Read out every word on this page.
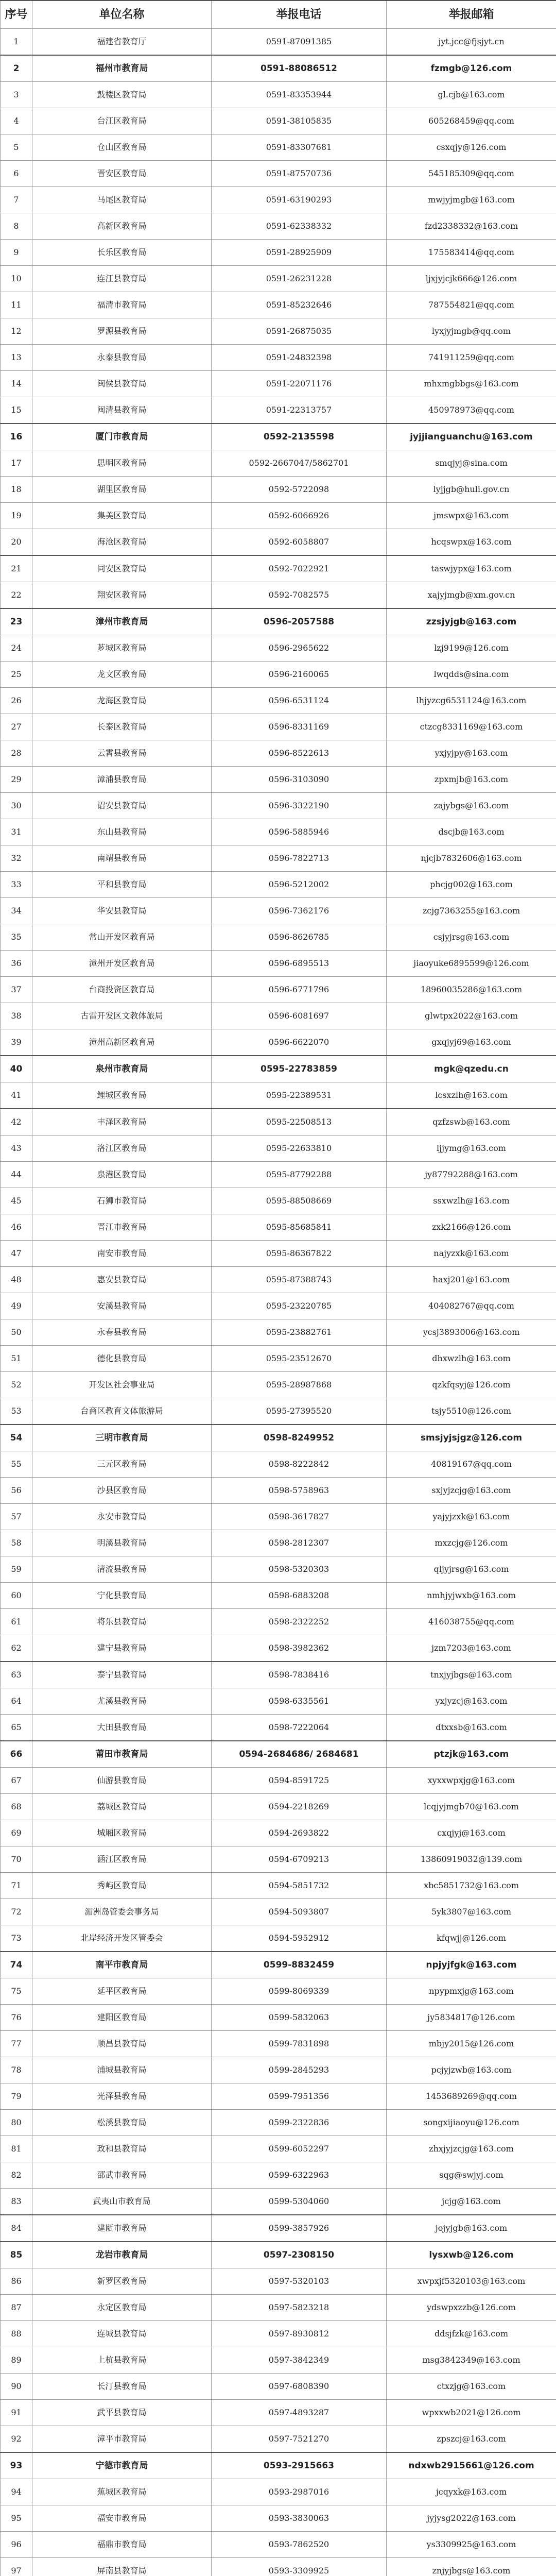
序号	单位名称	举报电话	举报邮箱
1	福建省教育厅	0591-87091385	jyt.jcc@fjsjyt.cn
2	福州市教育局	0591-88086512	fzmgb@126.com
3	鼓楼区教育局	0591-83353944	gl.cjb@163.com
4	台江区教育局	0591-38105835	605268459@qq.com
5	仓山区教育局	0591-83307681	csxqjy@126.com
6	晋安区教育局	0591-87570736	545185309@qq.com
7	马尾区教育局	0591-63190293	mwjyjmgb@163.com
8	高新区教育局	0591-62338332	fzd2338332@163.com
9	长乐区教育局	0591-28925909	175583414@qq.com
10	连江县教育局	0591-26231228	ljxjyjcjk666@126.com
11	福清市教育局	0591-85232646	787554821@qq.com
12	罗源县教育局	0591-26875035	lyxjyjmgb@qq.com
13	永泰县教育局	0591-24832398	741911259@qq.com
14	闽侯县教育局	0591-22071176	mhxmgbbgs@163.com
15	闽清县教育局	0591-22313757	450978973@qq.com
16	厦门市教育局	0592-2135598	jyjjianguanchu@163.com
17	思明区教育局	0592-2667047/5862701	smqjyj@sina.com
18	湖里区教育局	0592-5722098	lyjjgb@huli.gov.cn
19	集美区教育局	0592-6066926	jmswpx@163.com
20	海沧区教育局	0592-6058807	hcqswpx@163.com
21	同安区教育局	0592-7022921	taswjypx@163.com
22	翔安区教育局	0592-7082575	xajyjmgb@xm.gov.cn
23	漳州市教育局	0596-2057588	zzsjyjgb@163.com
24	芗城区教育局	0596-2965622	lzj9199@126.com
25	龙文区教育局	0596-2160065	lwqdds@sina.com
26	龙海区教育局	0596-6531124	lhjyzcg6531124@163.com
27	长泰区教育局	0596-8331169	ctzcg8331169@163.com
28	云霄县教育局	0596-8522613	yxjyjpy@163.com
29	漳浦县教育局	0596-3103090	zpxmjb@163.com
30	诏安县教育局	0596-3322190	zajybgs@163.com
31	东山县教育局	0596-5885946	dscjb@163.com
32	南靖县教育局	0596-7822713	njcjb7832606@163.com
33	平和县教育局	0596-5212002	phcjg002@163.com
34	华安县教育局	0596-7362176	zcjg7363255@163.com
35	常山开发区教育局	0596-8626785	csjyjrsg@163.com
36	漳州开发区教育局	0596-6895513	jiaoyuke6895599@126.com
37	台商投资区教育局	0596-6771796	18960035286@163.com
38	古雷开发区文教体旅局	0596-6081697	glwtpx2022@163.com
39	漳州高新区教育局	0596-6622070	gxqjyj69@163.com
40	泉州市教育局	0595-22783859	mgk@qzedu.cn
41	鲤城区教育局	0595-22389531	lcsxzlh@163.com
42	丰泽区教育局	0595-22508513	qzfzswb@163.com
43	洛江区教育局	0595-22633810	ljjymg@163.com
44	泉港区教育局	0595-87792288	jy87792288@163.com
45	石狮市教育局	0595-88508669	ssxwzlh@163.com
46	晋江市教育局	0595-85685841	zxk2166@126.com
47	南安市教育局	0595-86367822	najyzxk@163.com
48	惠安县教育局	0595-87388743	haxj201@163.com
49	安溪县教育局	0595-23220785	404082767@qq.com
50	永春县教育局	0595-23882761	ycsj3893006@163.com
51	德化县教育局	0595-23512670	dhxwzlh@163.com
52	开发区社会事业局	0595-28987868	qzkfqsyj@126.com
53	台商区教育文体旅游局	0595-27395520	tsjy5510@126.com
54	三明市教育局	0598-8249952	smsjyjsjgz@126.com
55	三元区教育局	0598-8222842	40819167@qq.com
56	沙县区教育局	0598-5758963	sxjyjzcjg@163.com
57	永安市教育局	0598-3617827	yajyjzxk@163.com
58	明溪县教育局	0598-2812307	mxzcjg@126.com
59	清流县教育局	0598-5320303	qljyjrsg@163.com
60	宁化县教育局	0598-6883208	nmhjyjwxb@163.com
61	将乐县教育局	0598-2322252	416038755@qq.com
62	建宁县教育局	0598-3982362	jzm7203@163.com
63	泰宁县教育局	0598-7838416	tnxjyjbgs@163.com
64	尤溪县教育局	0598-6335561	yxjyzcj@163.com
65	大田县教育局	0598-7222064	dtxxsb@163.com
66	莆田市教育局	0594-2684686/ 2684681	ptzjk@163.com
67	仙游县教育局	0594-8591725	xyxxwpxjg@163.com
68	荔城区教育局	0594-2218269	lcqjyjmgb70@163.com
69	城厢区教育局	0594-2693822	cxqjyj@163.com
70	涵江区教育局	0594-6709213	13860919032@139.com
71	秀屿区教育局	0594-5851732	xbc5851732@163.com
72	湄洲岛管委会事务局	0594-5093807	5yk3807@163.com
73	北岸经济开发区管委会	0594-5952912	kfqwjj@126.com
74	南平市教育局	0599-8832459	npjyjfgk@163.com
75	延平区教育局	0599-8069339	npypmxjg@163.com
76	建阳区教育局	0599-5832063	jy5834817@126.com
77	顺昌县教育局	0599-7831898	mbjy2015@126.com
78	浦城县教育局	0599-2845293	pcjyjzwb@163.com
79	光泽县教育局	0599-7951356	1453689269@qq.com
80	松溪县教育局	0599-2322836	songxijiaoyu@126.com
81	政和县教育局	0599-6052297	zhxjyjzcjg@163.com
82	邵武市教育局	0599-6322963	sqg@swjyj.com
83	武夷山市教育局	0599-5304060	jcjg@163.com
84	建瓯市教育局	0599-3857926	jojyjgb@163.com
85	龙岩市教育局	0597-2308150	lysxwb@126.com
86	新罗区教育局	0597-5320103	xwpxjf5320103@163.com
87	永定区教育局	0597-5823218	ydswpxzzb@126.com
88	连城县教育局	0597-8930812	ddsjfzk@163.com
89	上杭县教育局	0597-3842349	msg3842349@163.com
90	长汀县教育局	0597-6808390	ctxzjg@163.com
91	武平县教育局	0597-4893287	wpxxwb2021@126.com
92	漳平市教育局	0597-7521270	zpszcj@163.com
93	宁德市教育局	0593-2915663	ndxwb2915661@126.com
94	蕉城区教育局	0593-2987016	jcqyxk@163.com
95	福安市教育局	0593-3830063	jyjysg2022@163.com
96	福鼎市教育局	0593-7862520	ys3309925@163.com
97	屏南县教育局	0593-3309925	znjyjbgs@163.com
